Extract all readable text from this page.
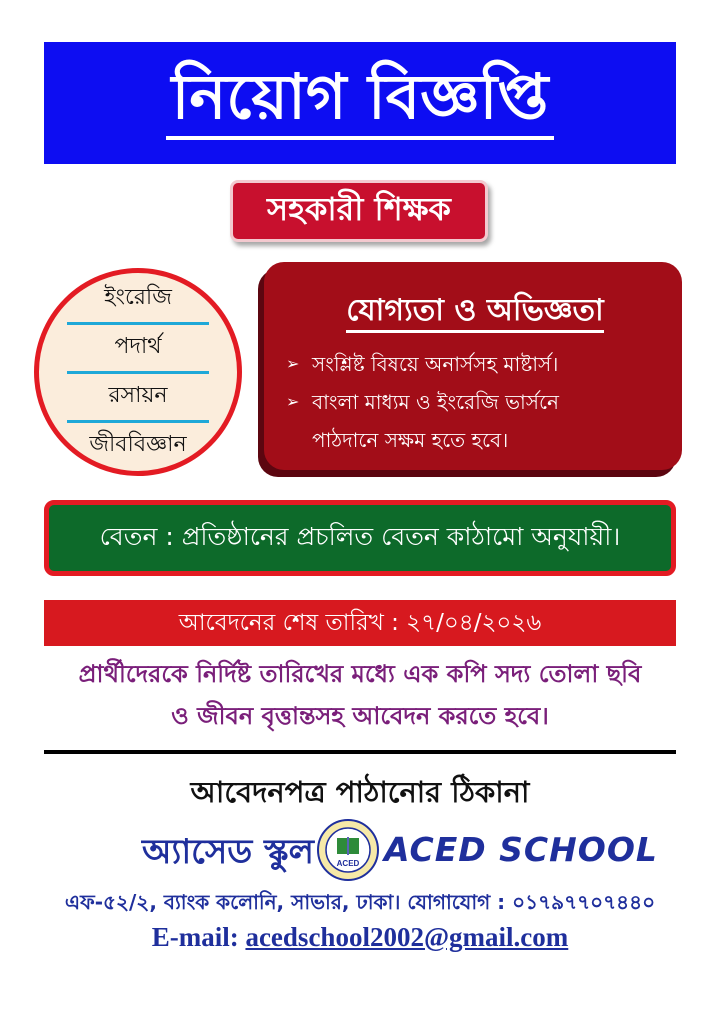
নিয়োগ বিজ্ঞপ্তি
সহকারী শিক্ষক
ইংরেজি
পদার্থ
রসায়ন
জীববিজ্ঞান
যোগ্যতা ও অভিজ্ঞতা
➢ সংশ্লিষ্ট বিষয়ে অনার্সসহ মাষ্টার্স।
➢ বাংলা মাধ্যম ও ইংরেজি ভার্সনে
পাঠদানে সক্ষম হতে হবে।
বেতন : প্রতিষ্ঠানের প্রচলিত বেতন কাঠামো অনুযায়ী।
আবেদনের শেষ তারিখ : ২৭/০৪/২০২৬
প্রার্থীদেরকে নির্দিষ্ট তারিখের মধ্যে এক কপি সদ্য তোলা ছবি
ও জীবন বৃত্তান্তসহ আবেদন করতে হবে।
আবেদনপত্র পাঠানোর ঠিকানা
অ্যাসেড স্কুল	ACED ACED SCHOOL
এফ-৫২/২, ব্যাংক কলোনি, সাভার, ঢাকা। যোগাযোগ : ০১৭৯৭৭০৭৪৪০
E-mail: acedschool2002@gmail.com
